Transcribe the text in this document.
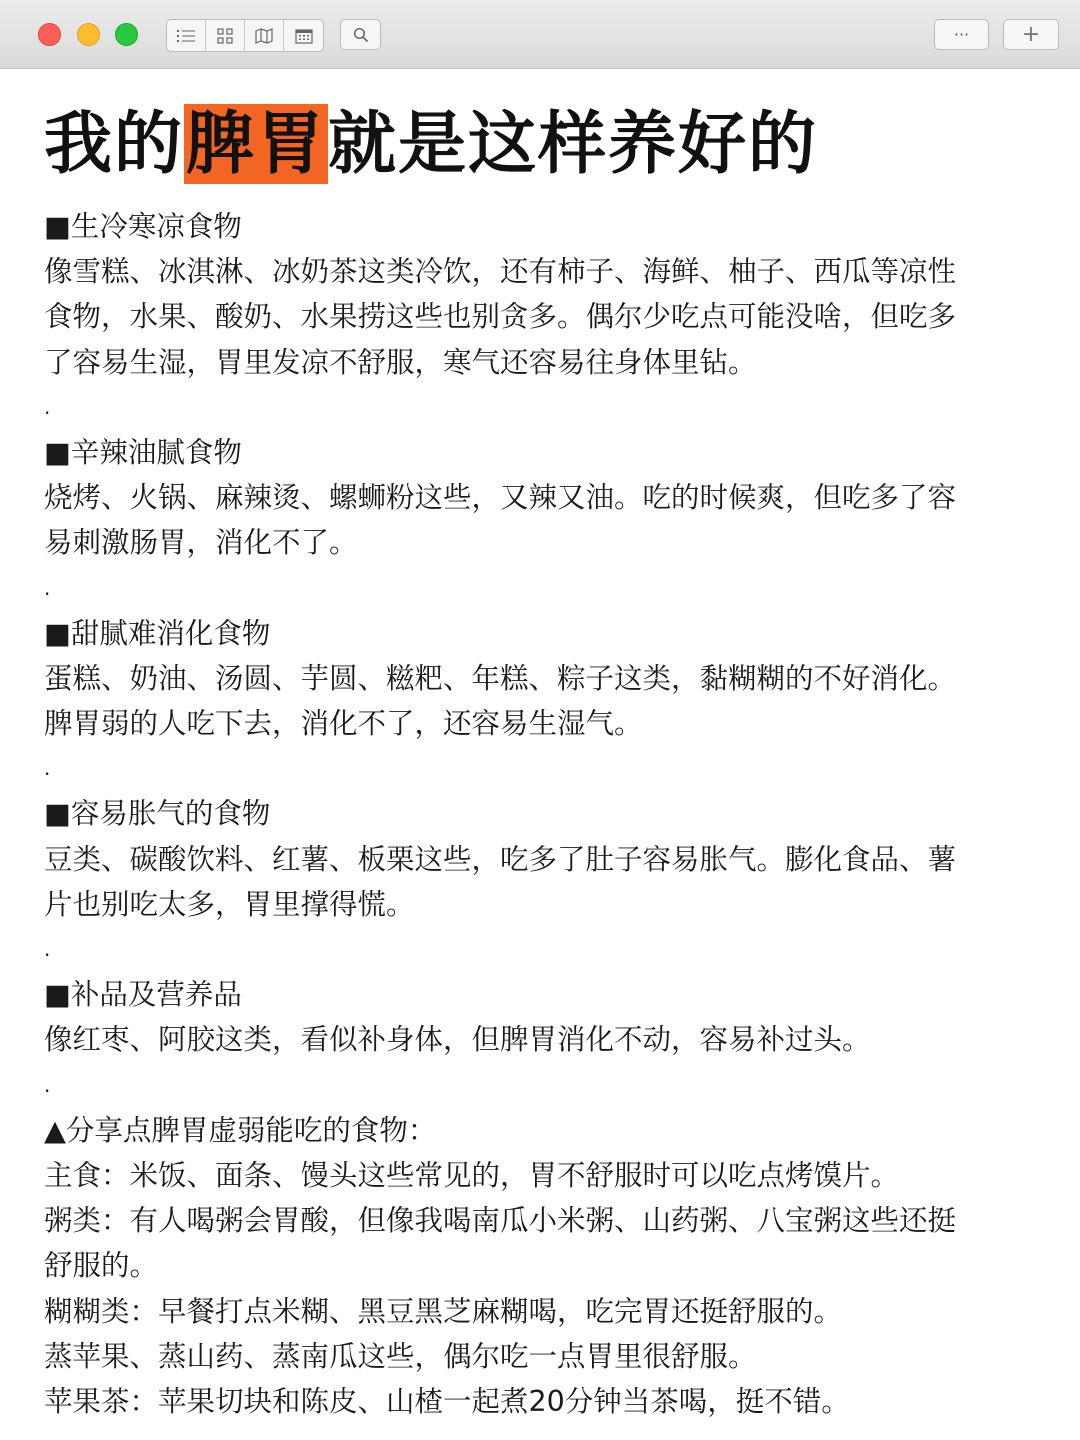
··· +
我的脾胃就是这样养好的
■生冷寒凉食物
像雪糕、冰淇淋、冰奶茶这类冷饮，还有柿子、海鲜、柚子、西瓜等凉性
食物，水果、酸奶、水果捞这些也别贪多。偶尔少吃点可能没啥，但吃多
了容易生湿，胃里发凉不舒服，寒气还容易往身体里钻。
.
■辛辣油腻食物
烧烤、火锅、麻辣烫、螺蛳粉这些，又辣又油。吃的时候爽，但吃多了容
易刺激肠胃，消化不了。
.
■甜腻难消化食物
蛋糕、奶油、汤圆、芋圆、糍粑、年糕、粽子这类，黏糊糊的不好消化。
脾胃弱的人吃下去，消化不了，还容易生湿气。
.
■容易胀气的食物
豆类、碳酸饮料、红薯、板栗这些，吃多了肚子容易胀气。膨化食品、薯
片也别吃太多，胃里撑得慌。
.
■补品及营养品
像红枣、阿胶这类，看似补身体，但脾胃消化不动，容易补过头。
.
▲分享点脾胃虚弱能吃的食物：
主食：米饭、面条、馒头这些常见的，胃不舒服时可以吃点烤馍片。
粥类：有人喝粥会胃酸，但像我喝南瓜小米粥、山药粥、八宝粥这些还挺
舒服的。
糊糊类：早餐打点米糊、黑豆黑芝麻糊喝，吃完胃还挺舒服的。
蒸苹果、蒸山药、蒸南瓜这些，偶尔吃一点胃里很舒服。
苹果茶：苹果切块和陈皮、山楂一起煮20分钟当茶喝，挺不错。
